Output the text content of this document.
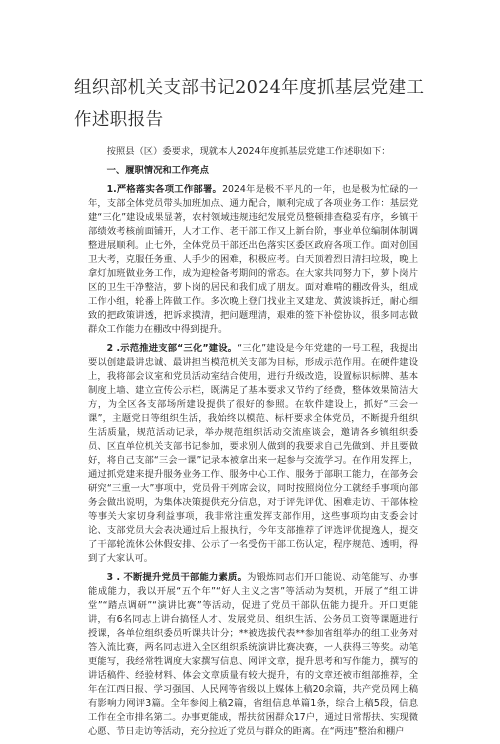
组织部机关支部书记2024年度抓基层党建工作述职报告

按照县（区）委要求，现就本人2024年度抓基层党建工作述职如下：

一、履职情况和工作亮点

1.严格落实各项工作部署。2024年是极不平凡的一年，也是极为忙碌的一年，支部全体党员带头加班加点、通力配合，顺利完成了各项业务工作：基层党建“三化”建设成果显著，农村领域违规违纪发展党员整顿排查稳妥有序，乡镇干部绩效考核前面铺开，人才工作、老干部工作又上新台阶，事业单位编制体制调整进展顺利。止七外，全体党员干部还出色落实区委区政府各项工作。面对创国卫大考，克服任务重、人手少的困难，积极应考。白天顶着烈日清扫垃圾，晚上拿灯加班做业务工作，成为迎检备考期间的常态。在大家共同努力下，萝卜岗片区的卫生干净整洁，萝卜岗的居民和我们成了朋友。面对难啃的棚改骨头，组成工作小组，轮番上阵做工作。多次晚上登门找业主叉建龙、黄波谈拆迁，耐心细致的把政策讲透，把诉求摸清，把问题理清，艰难的签下补偿协议，很多同志做群众工作能力在棚改中得到提升。

2 .示范推进支部“三化”建设。“三化”建设是今年党建的一号工程，我提出要以创建最讲忠诚、最讲担当模范机关支部为目标，形成示范作用。在硬件建设上，我将部会议室和党员活动室结合使用，进行升级改造，设置标识标牌、基本制度上墙、建立宣传公示栏，既满足了基本要求又节约了经费，整体效果简洁大方，为全区各支部场所建设提供了很好的参照。在软件建设上，抓好“三会一课”，主题党日等组织生活，我始终以模范、标杆要求全体党员，不断提升组织生活质量，规范活动记录，举办规范组织活动交流座谈会，邀请各乡镇组织委员、区直单位机关支部书记参加，要求别人做到的我要求自己先做到、并且要做好，将自己支部“三会一课”记录本被拿出来一起参与交流学习。在作用发挥上，通过抓党建来提升服务业务工作、服务中心工作、服务于部职工能力，在部务会研究“三重一大”事项中，党员骨干列席会议，同时按照岗位分工就经手事项向部务会做出说明，为集体决策提供充分信息，对于评先评优、困难走访、干部体检等事关大家切身利益事项，我非常注重发挥支部作用，这些事项均由支委会讨论、支部党员大会表决通过后上报执行，今年支部推荐了评选评优提逸人，提交了干部轮流休公休假安排、公示了一名受伤干部工伤认定，程序规范、透明，得到了大家认可。

3 . 不断提升党员干部能力素质。为锻炼同志们开口能说、动笔能写、办事能成能力，我以开展“五个年”“好人主义之害”等活动为契机，开展了“组工讲堂”“踏点调研”“演讲比赛”等活动，促进了党员干部队伍能力提升。开口更能讲，有6名同志上讲台搞怪人才、发展党员、组织生活、公务员工资等课题进行授课，各单位组织委员听课共计分；**被选拔代表**参加省组举办的组工业务对答入流比赛，两名同志进入全区组织系统演讲比赛决赛，一人获得三等奖。动笔更能写，我经常牲调度大家撰写信息、网评文章，提升思考和写作能力，撰写的讲话稿件、经验材料、体会文章质量有较大提升，有的文章还被市组部推荐，全年在江西日报、学习强国、人民网等省级以上媒体上稿20余篇，共产党员网上稿有影响力网评3篇。全年参阅上稿2篇，省组信息单篇1条，综合上稿5段，信息工作在全市排名第二。办事更能成，帮扶贫困群众17户，通过日常帮扶、实现微心愿、节日走访等活动，充分拉近了党员与群众的距离。在“两违”整治和棚户
